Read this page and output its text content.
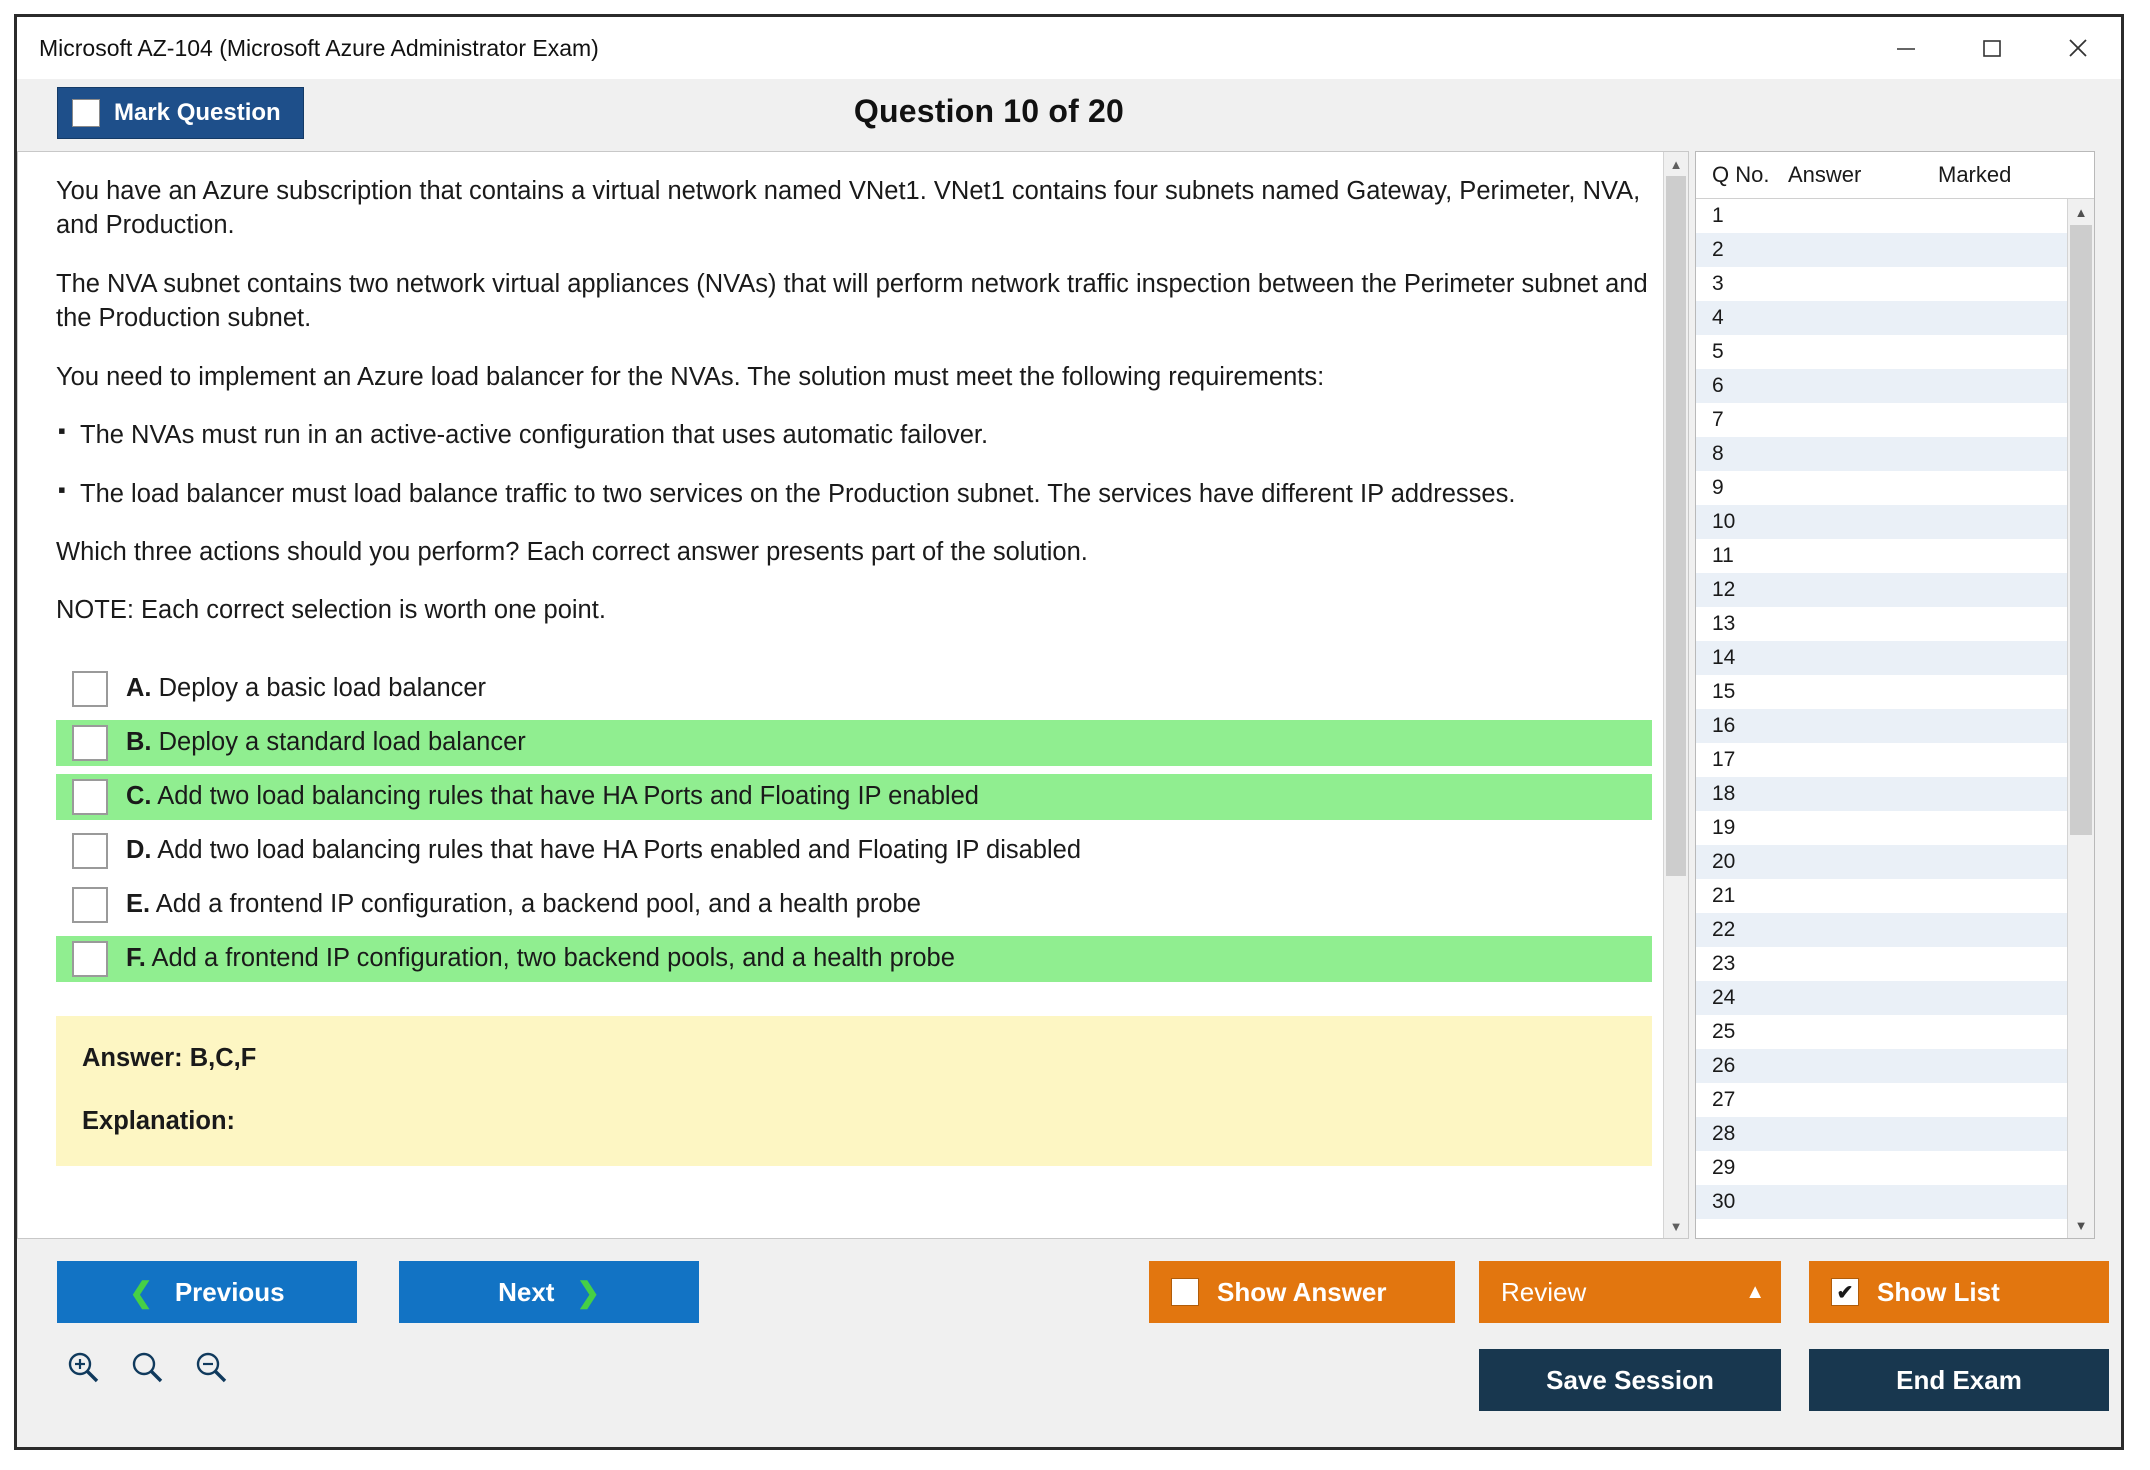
Microsoft AZ-104 (Microsoft Azure Administrator Exam)
Mark Question	Question 10 of 20

You have an Azure subscription that contains a virtual network named VNet1. VNet1 contains four subnets named Gateway, Perimeter, NVA, and Production.

The NVA subnet contains two network virtual appliances (NVAs) that will perform network traffic inspection between the Perimeter subnet and the Production subnet.

You need to implement an Azure load balancer for the NVAs. The solution must meet the following requirements:

▪ The NVAs must run in an active-active configuration that uses automatic failover.

▪ The load balancer must load balance traffic to two services on the Production subnet. The services have different IP addresses.

Which three actions should you perform? Each correct answer presents part of the solution.

NOTE: Each correct selection is worth one point.

A. Deploy a basic load balancer
B. Deploy a standard load balancer
C. Add two load balancing rules that have HA Ports and Floating IP enabled
D. Add two load balancing rules that have HA Ports enabled and Floating IP disabled
E. Add a frontend IP configuration, a backend pool, and a health probe
F. Add a frontend IP configuration, two backend pools, and a health probe
Answer: B,C,F
Explanation:
▲
▼
Q No. Answer	Marked
1
2
3
4
5
6
7
8
9
10
11
12
13
14
15
16
17
18
19
20
21
22
23
24
25
26
27
28
29
30
▲
▼
❮ Previous	Next ❯	Show Answer	Review	▲	✔ Show List
Save Session	End Exam
